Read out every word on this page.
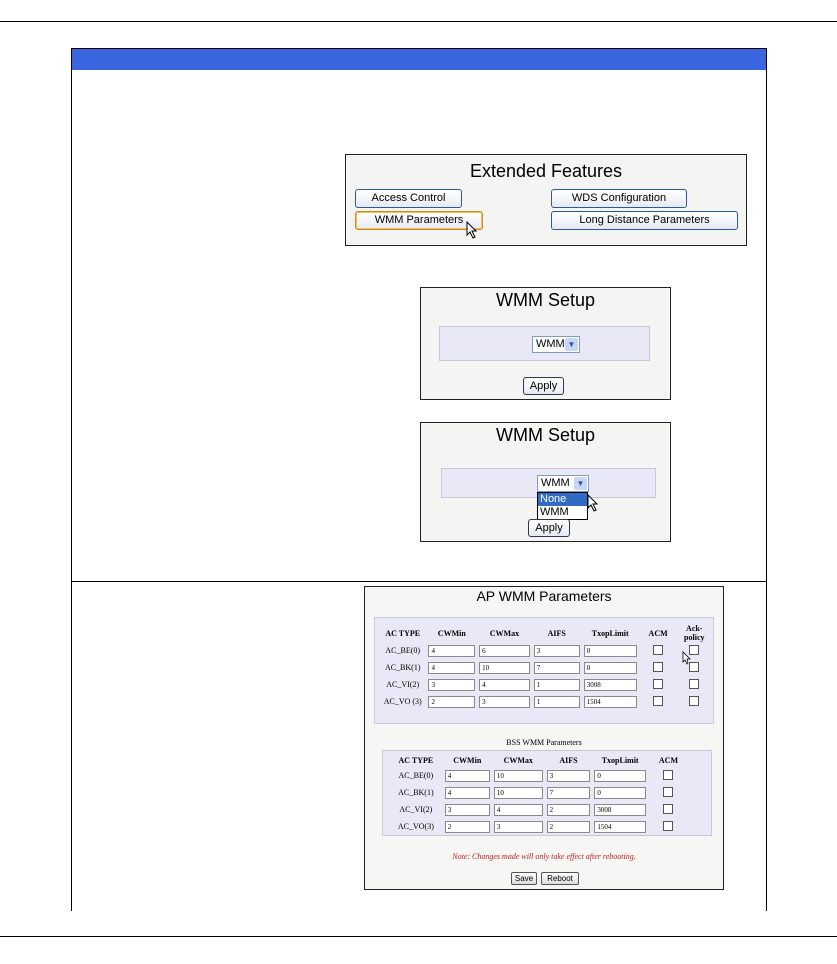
Extended Features
Access Control	WDS Configuration
WMM Parameters	Long Distance Parameters
WMM Setup
WMM ▼
Apply
WMM Setup
WMM ▼
None
WMM
Apply
AP WMM Parameters
AC TYPE	CWMin	CWMax	AIFS	TxopLimit	ACM	Ack-policy
AC_BE(0)	4	6	3	0		

AC_BK(1)	4	10	7	0		

AC_VI(2)	3	4	1	3008		

AC_VO (3)	2	3	1	1504		

BSS WMM Parameters
AC TYPE	CWMin	CWMax	AIFS	TxopLimit	ACM
AC_BE(0)	4	10	3	0	

AC_BK(1)	4	10	7	0	

AC_VI(2)	3	4	2	3008	

AC_VO(3)	2	3	2	1504	

Note: Changes made will only take effect after rebooting.
Save	Reboot
